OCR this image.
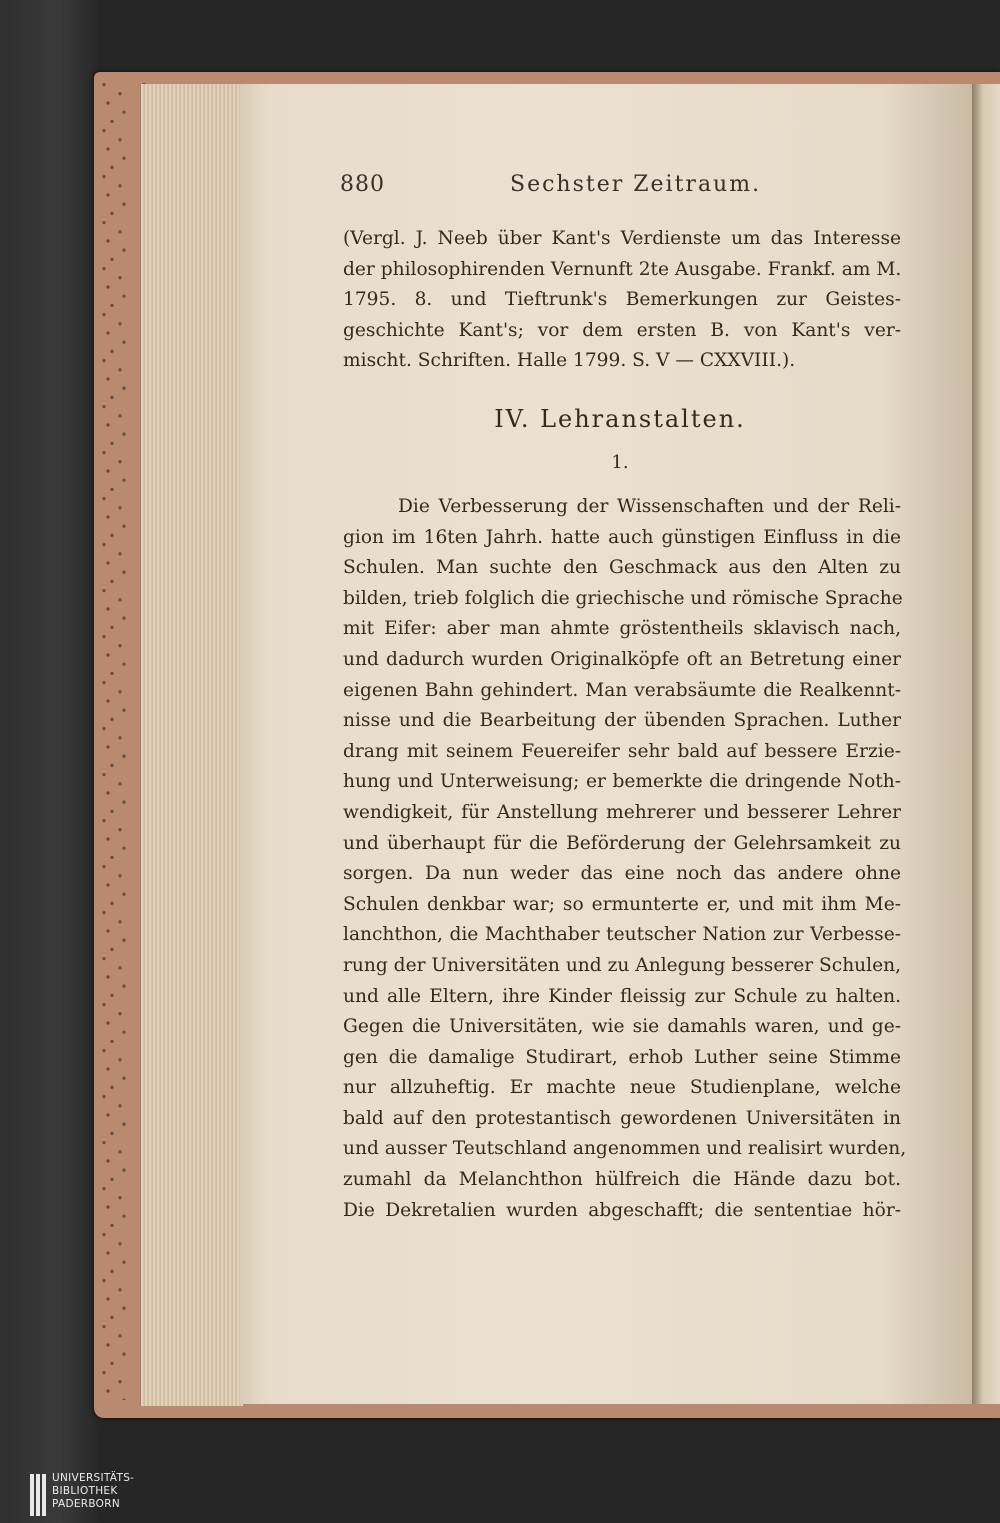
880	Sechster Zeitraum.
(Vergl. J. Neeb über Kant's Verdienste um das Interesse
der philosophirenden Vernunft 2te Ausgabe. Frankf. am M.
1795. 8. und Tieftrunk's Bemerkungen zur Geistes-
geschichte Kant's; vor dem ersten B. von Kant's ver-
mischt. Schriften. Halle 1799. S. V — CXXVIII.).
IV. Lehranstalten.
1.
Die Verbesserung der Wissenschaften und der Reli-
gion im 16ten Jahrh. hatte auch günstigen Einfluss in die
Schulen. Man suchte den Geschmack aus den Alten zu
bilden, trieb folglich die griechische und römische Sprache
mit Eifer: aber man ahmte gröstentheils sklavisch nach,
und dadurch wurden Originalköpfe oft an Betretung einer
eigenen Bahn gehindert. Man verabsäumte die Realkennt-
nisse und die Bearbeitung der übenden Sprachen. Luther
drang mit seinem Feuereifer sehr bald auf bessere Erzie-
hung und Unterweisung; er bemerkte die dringende Noth-
wendigkeit, für Anstellung mehrerer und besserer Lehrer
und überhaupt für die Beförderung der Gelehrsamkeit zu
sorgen. Da nun weder das eine noch das andere ohne
Schulen denkbar war; so ermunterte er, und mit ihm Me-
lanchthon, die Machthaber teutscher Nation zur Verbesse-
rung der Universitäten und zu Anlegung besserer Schulen,
und alle Eltern, ihre Kinder fleissig zur Schule zu halten.
Gegen die Universitäten, wie sie damahls waren, und ge-
gen die damalige Studirart, erhob Luther seine Stimme
nur allzuheftig. Er machte neue Studienplane, welche
bald auf den protestantisch gewordenen Universitäten in
und ausser Teutschland angenommen und realisirt wurden,
zumahl da Melanchthon hülfreich die Hände dazu bot.
Die Dekretalien wurden abgeschafft; die sententiae hör-
UNIVERSITÄTS-
BIBLIOTHEK
PADERBORN
